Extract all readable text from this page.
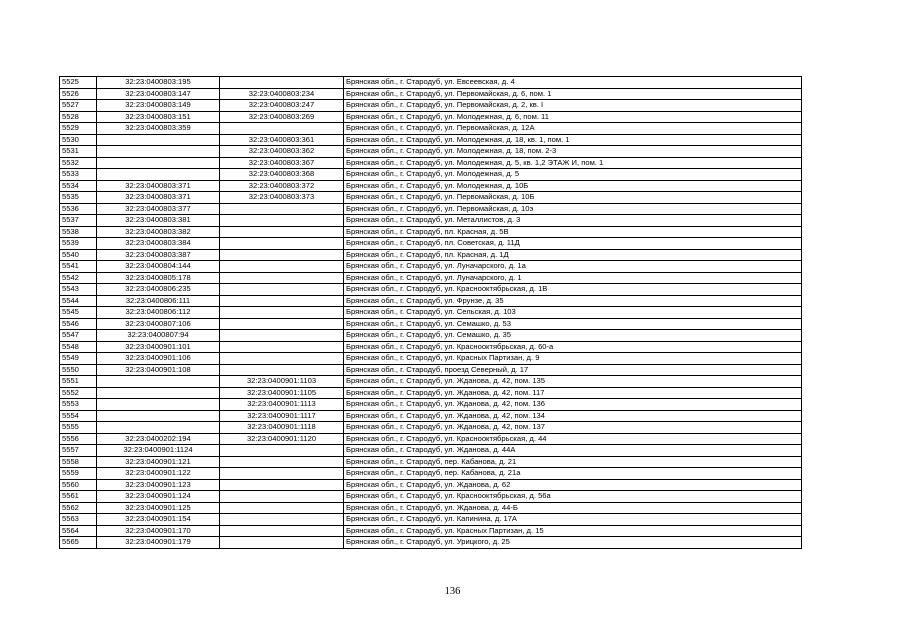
5525	32:23:0400803:195		Брянская обл., г. Стародуб, ул. Евсеевская, д. 4
5526	32:23:0400803:147	32:23:0400803:234	Брянская обл., г. Стародуб, ул. Первомайская, д. 6, пом. 1
5527	32:23:0400803:149	32:23:0400803:247	Брянская обл., г. Стародуб, ул. Первомайская, д. 2, кв. I
5528	32:23:0400803:151	32:23:0400803:269	Брянская обл., г. Стародуб, ул. Молодежная, д. 6, пом. 11
5529	32:23:0400803:359		Брянская обл., г. Стародуб, ул. Первомайская, д. 12А
5530		32:23:0400803:361	Брянская обл., г. Стародуб, ул. Молодежная, д. 18, кв. 1, пом. 1
5531		32:23:0400803:362	Брянская обл., г. Стародуб, ул. Молодежная, д. 18, пом. 2-3
5532		32:23:0400803:367	Брянская обл., г. Стародуб, ул. Молодежная, д. 5, кв. 1,2 ЭТАЖ И, пом. 1
5533		32:23:0400803:368	Брянская обл., г. Стародуб, ул. Молодежная, д. 5
5534	32:23:0400803:371	32:23:0400803:372	Брянская обл., г. Стародуб, ул. Молодежная, д. 10Б
5535	32:23:0400803:371	32:23:0400803:373	Брянская обл., г. Стародуб, ул. Первомайская, д. 10Б
5536	32:23:0400803:377		Брянская обл., г. Стародуб, ул. Первомайская, д. 10э
5537	32:23:0400803:381		Брянская обл., г. Стародуб, ул. Металлистов, д. 3
5538	32:23:0400803:382		Брянская обл., г. Стародуб, пл. Красная, д. 5В
5539	32:23:0400803:384		Брянская обл., г. Стародуб, пл. Советская, д. 11Д
5540	32:23:0400803:387		Брянская обл., г. Стародуб, пл. Красная, д. 1Д
5541	32:23:0400804:144		Брянская обл., г. Стародуб, ул. Луначарского, д. 1а
5542	32:23:0400805:178		Брянская обл., г. Стародуб, ул. Луначарского, д. 1
5543	32:23:0400806:235		Брянская обл., г. Стародуб, ул. Краснооктябрьская, д. 1В
5544	32:23:0400806:111		Брянская обл., г. Стародуб, ул. Фрунзе, д. 35
5545	32:23:0400806:112		Брянская обл., г. Стародуб, ул. Сельская, д. 103
5546	32:23:0400807:106		Брянская обл., г. Стародуб, ул. Семашко, д. 53
5547	32:23:0400807:94		Брянская обл., г. Стародуб, ул. Семашко, д. 35
5548	32:23:0400901:101		Брянская обл., г. Стародуб, ул. Краснооктябрьская, д. 60-а
5549	32:23:0400901:106		Брянская обл., г. Стародуб, ул. Красных Партизан, д. 9
5550	32:23:0400901:108		Брянская обл., г. Стародуб, проезд Северный, д. 17
5551		32:23:0400901:1103	Брянская обл., г. Стародуб, ул. Жданова, д. 42, пом. 135
5552		32:23:0400901:1105	Брянская обл., г. Стародуб, ул. Жданова, д. 42, пом. 117
5553		32:23:0400901:1113	Брянская обл., г. Стародуб, ул. Жданова, д. 42, пом. 136
5554		32:23:0400901:1117	Брянская обл., г. Стародуб, ул. Жданова, д. 42, пом. 134
5555		32:23:0400901:1118	Брянская обл., г. Стародуб, ул. Жданова, д. 42, пом. 137
5556	32:23:0400202:194	32:23:0400901:1120	Брянская обл., г. Стародуб, ул. Краснооктябрьская, д. 44
5557	32:23:0400901:1124		Брянская обл., г. Стародуб, ул. Жданова, д. 44А
5558	32:23:0400901:121		Брянская обл., г. Стародуб, пер. Кабанова, д. 21
5559	32:23:0400901:122		Брянская обл., г. Стародуб, пер. Кабанова, д. 21а
5560	32:23:0400901:123		Брянская обл., г. Стародуб, ул. Жданова, д. 62
5561	32:23:0400901:124		Брянская обл., г. Стародуб, ул. Краснооктябрьская, д. 56а
5562	32:23:0400901:125		Брянская обл., г. Стародуб, ул. Жданова, д. 44-Б
5563	32:23:0400901:154		Брянская обл., г. Стародуб, ул. Капинина, д. 17А
5564	32:23:0400901:170		Брянская обл., г. Стародуб, ул. Красных Партизан, д. 15
5565	32:23:0400901:179		Брянская обл., г. Стародуб, ул. Урицкого, д. 25
136
